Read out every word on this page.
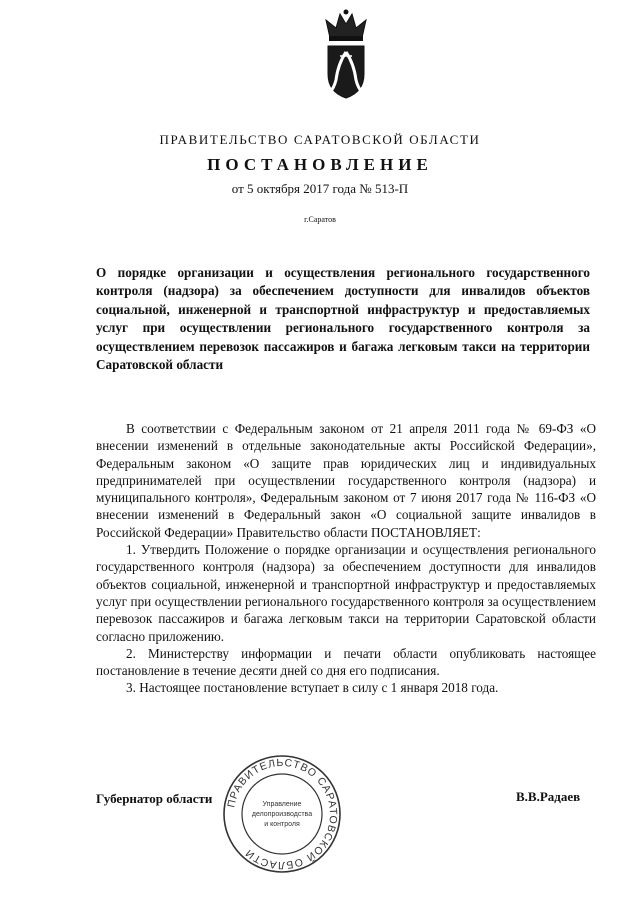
ПРАВИТЕЛЬСТВО САРАТОВСКОЙ ОБЛАСТИ
ПОСТАНОВЛЕНИЕ
от 5 октября 2017 года № 513-П
г.Саратов
О порядке организации и осуществления регионального государственного контроля (надзора) за обеспечением доступности для инвалидов объектов социальной, инженерной и транспортной инфраструктур и предоставляемых услуг при осуществлении регионального государственного контроля за осуществлением перевозок пассажиров и багажа легковым такси на территории Саратовской области

В соответствии с Федеральным законом от 21 апреля 2011 года № 69-ФЗ «О внесении изменений в отдельные законодательные акты Российской Федерации», Федеральным законом «О защите прав юридических лиц и индивидуальных предпринимателей при осуществлении государственного контроля (надзора) и муниципального контроля», Федеральным законом от 7 июня 2017 года № 116-ФЗ «О внесении изменений в Федеральный закон «О социальной защите инвалидов в Российской Федерации» Правительство области ПОСТАНОВЛЯЕТ:

1. Утвердить Положение о порядке организации и осуществления регионального государственного контроля (надзора) за обеспечением доступности для инвалидов объектов социальной, инженерной и транспортной инфраструктур и предоставляемых услуг при осуществлении регионального государственного контроля за осуществлением перевозок пассажиров и багажа легковым такси на территории Саратовской области согласно приложению.

2. Министерству информации и печати области опубликовать настоящее постановление в течение десяти дней со дня его подписания.

3. Настоящее постановление вступает в силу с 1 января 2018 года.

Губернатор области	В.В.Радаев
ПРАВИТЕЛЬСТВО САРАТОВСКОЙ ОБЛАСТИ
Управление
делопроизводства
и контроля
